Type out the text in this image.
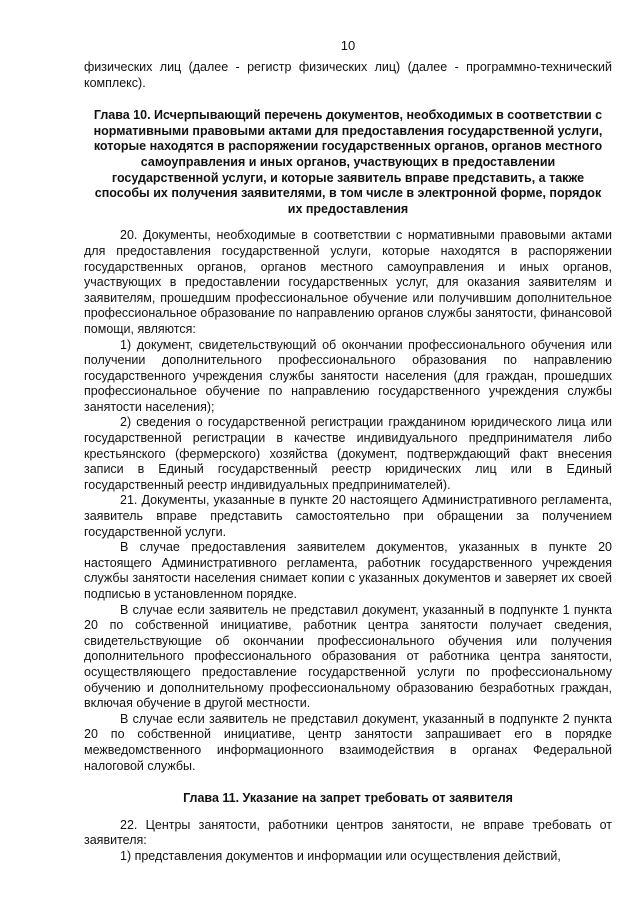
10

физических лиц (далее - регистр физических лиц) (далее - программно-технический комплекс).

Глава 10. Исчерпывающий перечень документов, необходимых в соответствии с нормативными правовыми актами для предоставления государственной услуги, которые находятся в распоряжении государственных органов, органов местного самоуправления и иных органов, участвующих в предоставлении государственной услуги, и которые заявитель вправе представить, а также способы их получения заявителями, в том числе в электронной форме, порядок их предоставления

20. Документы, необходимые в соответствии с нормативными правовыми актами для предоставления государственной услуги, которые находятся в распоряжении государственных органов, органов местного самоуправления и иных органов, участвующих в предоставлении государственных услуг, для оказания заявителям и заявителям, прошедшим профессиональное обучение или получившим дополнительное профессиональное образование по направлению органов службы занятости, финансовой помощи, являются:

1) документ, свидетельствующий об окончании профессионального обучения или получении дополнительного профессионального образования по направлению государственного учреждения службы занятости населения (для граждан, прошедших профессиональное обучение по направлению государственного учреждения службы занятости населения);

2) сведения о государственной регистрации гражданином юридического лица или государственной регистрации в качестве индивидуального предпринимателя либо крестьянского (фермерского) хозяйства (документ, подтверждающий факт внесения записи в Единый государственный реестр юридических лиц или в Единый государственный реестр индивидуальных предпринимателей).

21. Документы, указанные в пункте 20 настоящего Административного регламента, заявитель вправе представить самостоятельно при обращении за получением государственной услуги.

В случае предоставления заявителем документов, указанных в пункте 20 настоящего Административного регламента, работник государственного учреждения службы занятости населения снимает копии с указанных документов и заверяет их своей подписью в установленном порядке.

В случае если заявитель не представил документ, указанный в подпункте 1 пункта 20 по собственной инициативе, работник центра занятости получает сведения, свидетельствующие об окончании профессионального обучения или получения дополнительного профессионального образования от работника центра занятости, осуществляющего предоставление государственной услуги по профессиональному обучению и дополнительному профессиональному образованию безработных граждан, включая обучение в другой местности.

В случае если заявитель не представил документ, указанный в подпункте 2 пункта 20 по собственной инициативе, центр занятости запрашивает его в порядке межведомственного информационного взаимодействия в органах Федеральной налоговой службы.

Глава 11. Указание на запрет требовать от заявителя

22. Центры занятости, работники центров занятости, не вправе требовать от заявителя:

1) представления документов и информации или осуществления действий,
